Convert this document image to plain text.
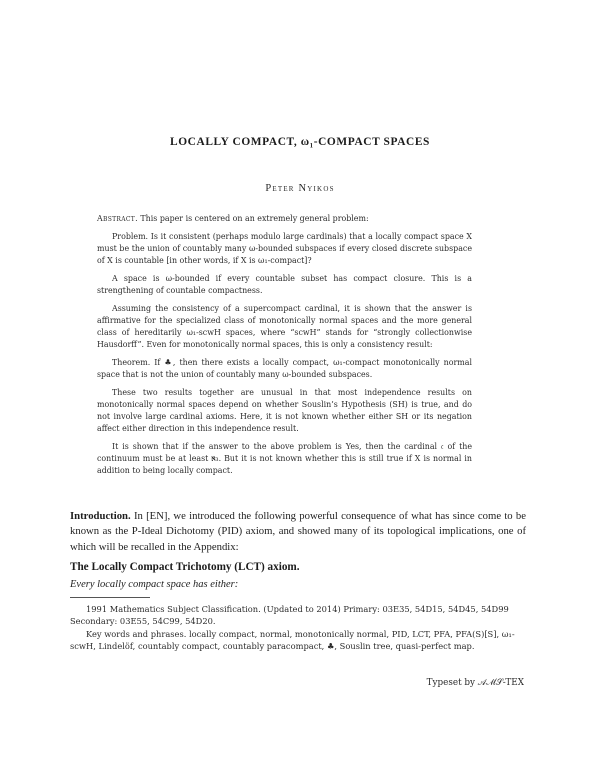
LOCALLY COMPACT, ω₁-COMPACT SPACES
Peter Nyikos

Abstract. This paper is centered on an extremely general problem:

Problem. Is it consistent (perhaps modulo large cardinals) that a locally compact space X must be the union of countably many ω-bounded subspaces if every closed discrete subspace of X is countable [in other words, if X is ω₁-compact]?

A space is ω-bounded if every countable subset has compact closure. This is a strengthening of countable compactness.

Assuming the consistency of a supercompact cardinal, it is shown that the answer is affirmative for the specialized class of monotonically normal spaces and the more general class of hereditarily ω₁-scwH spaces, where “scwH” stands for “strongly collectionwise Hausdorff”. Even for monotonically normal spaces, this is only a consistency result:

Theorem. If ♣, then there exists a locally compact, ω₁-compact monotonically normal space that is not the union of countably many ω-bounded subspaces.

These two results together are unusual in that most independence results on monotonically normal spaces depend on whether Souslin’s Hypothesis (SH) is true, and do not involve large cardinal axioms. Here, it is not known whether either SH or its negation affect either direction in this independence result.

It is shown that if the answer to the above problem is Yes, then the cardinal 𝔠 of the continuum must be at least ℵ₃. But it is not known whether this is still true if X is normal in addition to being locally compact.

Introduction. In [EN], we introduced the following powerful consequence of what has since come to be known as the P-Ideal Dichotomy (PID) axiom, and showed many of its topological implications, one of which will be recalled in the Appendix:

The Locally Compact Trichotomy (LCT) axiom.
Every locally compact space has either:

1991 Mathematics Subject Classification. (Updated to 2014) Primary: 03E35, 54D15, 54D45, 54D99 Secondary: 03E55, 54C99, 54D20.

Key words and phrases. locally compact, normal, monotonically normal, PID, LCT, PFA, PFA(S)[S], ω₁-scwH, Lindelöf, countably compact, countably paracompact, ♣, Souslin tree, quasi-perfect map.

Typeset by 𝒜ℳ𝒮-TEX
